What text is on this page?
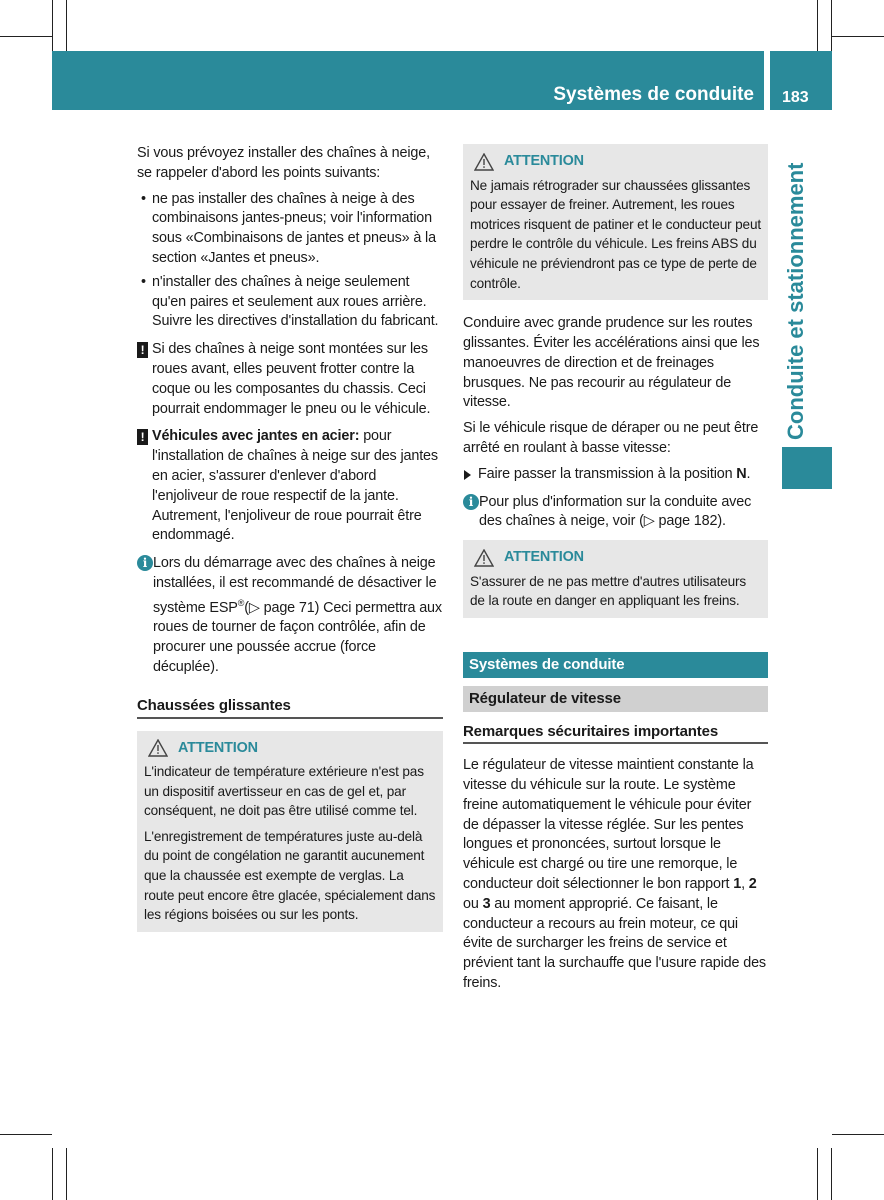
Systèmes de conduite 183
Conduite et stationnement

Si vous prévoyez installer des chaînes à neige, se rappeler d'abord les points suivants:

• ne pas installer des chaînes à neige à des combinaisons jantes-pneus; voir l'information sous «Combinaisons de jantes et pneus» à la section «Jantes et pneus».
• n'installer des chaînes à neige seulement qu'en paires et seulement aux roues arrière. Suivre les directives d'installation du fabricant.
! Si des chaînes à neige sont montées sur les roues avant, elles peuvent frotter contre la coque ou les composantes du chassis. Ceci pourrait endommager le pneu ou le véhicule.
! Véhicules avec jantes en acier: pour l'installation de chaînes à neige sur des jantes en acier, s'assurer d'enlever d'abord l'enjoliveur de roue respectif de la jante. Autrement, l'enjoliveur de roue pourrait être endommagé.
i Lors du démarrage avec des chaînes à neige installées, il est recommandé de désactiver le système ESP®(▷ page 71) Ceci permettra aux roues de tourner de façon contrôlée, afin de procurer une poussée accrue (force décuplée).
Chaussées glissantes
ATTENTION

L'indicateur de température extérieure n'est pas un dispositif avertisseur en cas de gel et, par conséquent, ne doit pas être utilisé comme tel.

L'enregistrement de températures juste au-delà du point de congélation ne garantit aucunement que la chaussée est exempte de verglas. La route peut encore être glacée, spécialement dans les régions boisées ou sur les ponts.

ATTENTION

Ne jamais rétrograder sur chaussées glissantes pour essayer de freiner. Autrement, les roues motrices risquent de patiner et le conducteur peut perdre le contrôle du véhicule. Les freins ABS du véhicule ne préviendront pas ce type de perte de contrôle.

Conduire avec grande prudence sur les routes glissantes. Éviter les accélérations ainsi que les manoeuvres de direction et de freinages brusques. Ne pas recourir au régulateur de vitesse.

Si le véhicule risque de déraper ou ne peut être arrêté en roulant à basse vitesse:

Faire passer la transmission à la position N.
i Pour plus d'information sur la conduite avec des chaînes à neige, voir (▷ page 182).
ATTENTION

S'assurer de ne pas mettre d'autres utilisateurs de la route en danger en appliquant les freins.

Systèmes de conduite
Régulateur de vitesse
Remarques sécuritaires importantes

Le régulateur de vitesse maintient constante la vitesse du véhicule sur la route. Le système freine automatiquement le véhicule pour éviter de dépasser la vitesse réglée. Sur les pentes longues et prononcées, surtout lorsque le véhicule est chargé ou tire une remorque, le conducteur doit sélectionner le bon rapport 1, 2 ou 3 au moment approprié. Ce faisant, le conducteur a recours au frein moteur, ce qui évite de surcharger les freins de service et prévient tant la surchauffe que l'usure rapide des freins.
